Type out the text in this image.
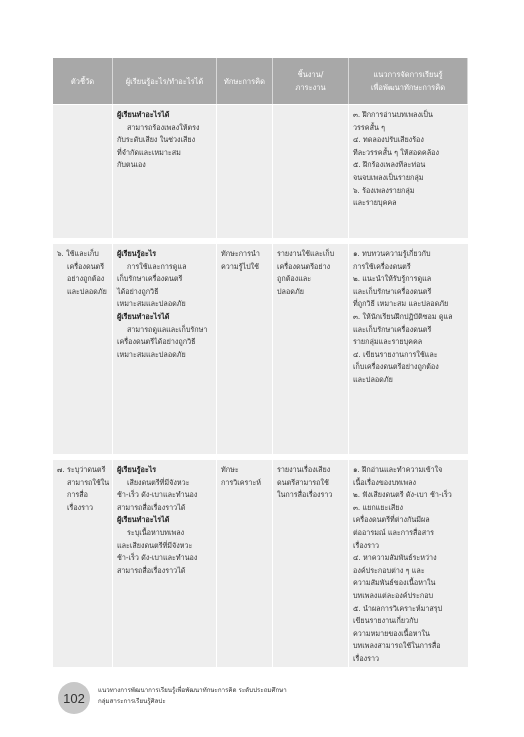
ตัวชี้วัด	ผู้เรียนรู้อะไร/ทำอะไรได้	ทักษะการคิด
ชิ้นงาน/
ภาระงาน
แนวการจัดการเรียนรู้
เพื่อพัฒนาทักษะการคิด
ผู้เรียนทำอะไรได้
สามารถร้องเพลงให้ตรง
กับระดับเสียง ในช่วงเสียง
ที่จำกัดและเหมาะสม
กับตนเอง
๓. ฝึกการอ่านบทเพลงเป็น
วรรคสั้น ๆ
๔. ทดลองปรับเสียงร้อง
ทีละวรรคสั้น ๆ ให้สอดคล้อง
๕. ฝึกร้องเพลงทีละท่อน
จนจบเพลงเป็นรายกลุ่ม
๖. ร้องเพลงรายกลุ่ม
และรายบุคคล
๖. ใช้และเก็บ
เครื่องดนตรี
อย่างถูกต้อง
และปลอดภัย
ผู้เรียนรู้อะไร
การใช้และการดูแล
เก็บรักษาเครื่องดนตรี
ได้อย่างถูกวิธี
เหมาะสมและปลอดภัย
ผู้เรียนทำอะไรได้
สามารถดูแลและเก็บรักษา
เครื่องดนตรีได้อย่างถูกวิธี
เหมาะสมและปลอดภัย
ทักษะการนำ
ความรู้ไปใช้
รายงานใช้และเก็บ
เครื่องดนตรีอย่าง
ถูกต้องและ
ปลอดภัย
๑. ทบทวนความรู้เกี่ยวกับ
การใช้เครื่องดนตรี
๒. แนะนำให้รับรู้การดูแล
และเก็บรักษาเครื่องดนตรี
ที่ถูกวิธี เหมาะสม และปลอดภัย
๓. ให้นักเรียนฝึกปฏิบัติซอม ดูแล
และเก็บรักษาเครื่องดนตรี
รายกลุ่มและรายบุคคล
๔. เขียนรายงานการใช้และ
เก็บเครื่องดนตรีอย่างถูกต้อง
และปลอดภัย
๗. ระบุว่าดนตรี
สามารถใช้ใน
การสื่อ
เรื่องราว
ผู้เรียนรู้อะไร
เสียงดนตรีที่มีจังหวะ
ช้า-เร็ว ดัง-เบาและทำนอง
สามารถสื่อเรื่องราวได้
ผู้เรียนทำอะไรได้
ระบุเนื้อหาบทเพลง
และเสียงดนตรีที่มีจังหวะ
ช้า-เร็ว ดัง-เบาและทำนอง
สามารถสื่อเรื่องราวได้
ทักษะ
การวิเคราะห์
รายงานเรื่องเสียง
ดนตรีสามารถใช้
ในการสื่อเรื่องราว
๑. ฝึกอ่านและทำความเข้าใจ
เนื้อเรื่องของบทเพลง
๒. ฟังเสียงดนตรี ดัง-เบา ช้า-เร็ว
๓. แยกแยะเสียง
เครื่องดนตรีที่ต่างกันมีผล
ต่ออารมณ์ และการสื่อสาร
เรื่องราว
๔. หาความสัมพันธ์ระหว่าง
องค์ประกอบต่าง ๆ และ
ความสัมพันธ์ของเนื้อหาใน
บทเพลงแต่ละองค์ประกอบ
๕. นำผลการวิเคราะห์มาสรุป
เขียนรายงานเกี่ยวกับ
ความหมายของเนื้อหาใน
บทเพลงสามารถใช้ในการสื่อ
เรื่องราว
102 แนวทางการพัฒนาการเรียนรู้เพื่อพัฒนาทักษะการคิด ระดับประถมศึกษา
กลุ่มสาระการเรียนรู้ศิลปะ
